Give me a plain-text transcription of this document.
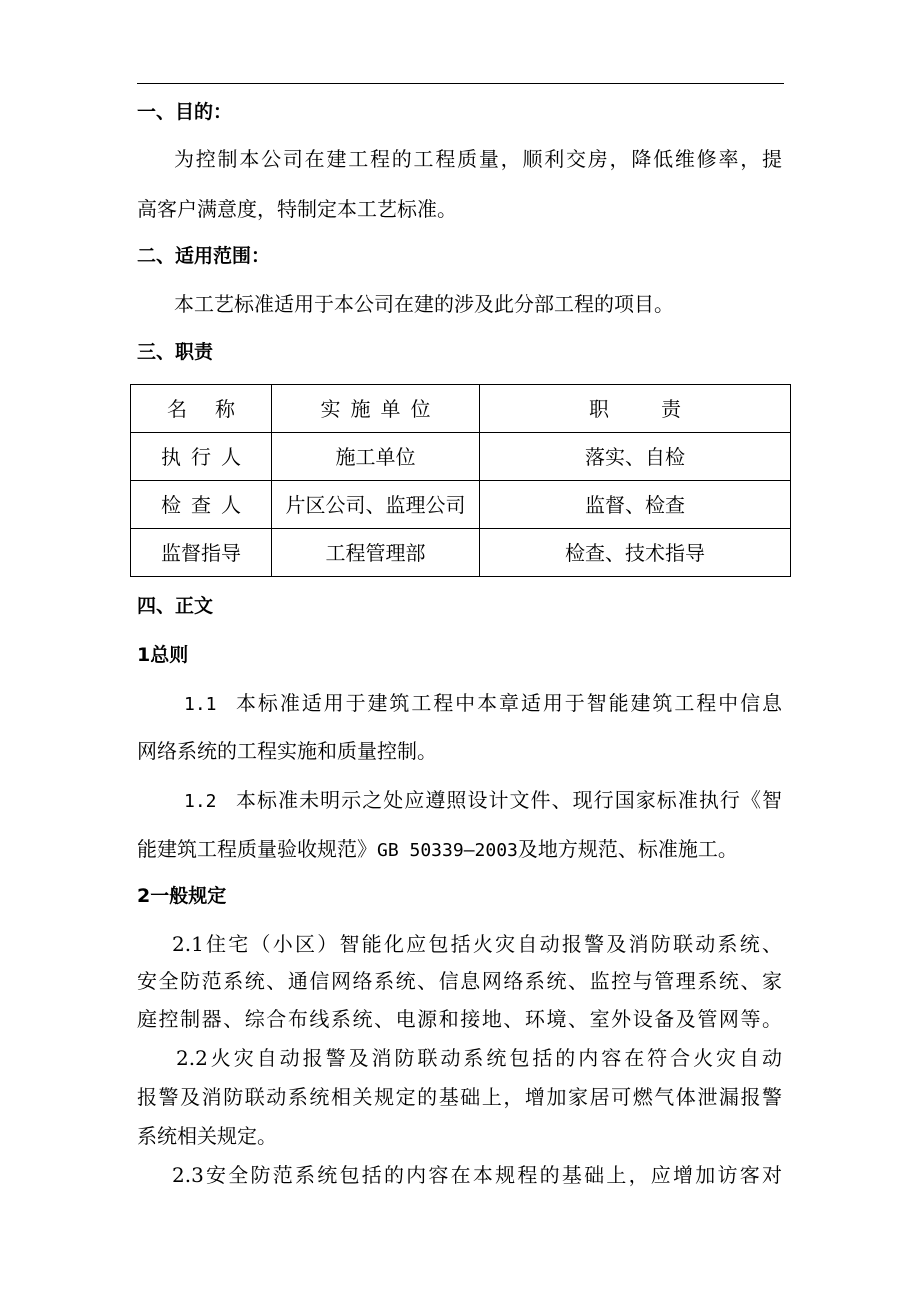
一、目的：
为控制本公司在建工程的工程质量，顺利交房，降低维修率，提
高客户满意度，特制定本工艺标准。
二、适用范围：
本工艺标准适用于本公司在建的涉及此分部工程的项目。
三、职责
名称	实施单位	职责
执行人	施工单位	落实、自检
检查人	片区公司、监理公司	监督、检查
监督指导	工程管理部	检查、技术指导
四、正文
1总则
1.1 本标准适用于建筑工程中本章适用于智能建筑工程中信息
网络系统的工程实施和质量控制。
1.2 本标准未明示之处应遵照设计文件、现行国家标准执行《智
能建筑工程质量验收规范》GB 50339—2003及地方规范、标准施工。
2一般规定
2.1住宅（小区）智能化应包括火灾自动报警及消防联动系统、
安全防范系统、通信网络系统、信息网络系统、监控与管理系统、家
庭控制器、综合布线系统、电源和接地、环境、室外设备及管网等。
2.2火灾自动报警及消防联动系统包括的内容在符合火灾自动
报警及消防联动系统相关规定的基础上，增加家居可燃气体泄漏报警
系统相关规定。
2.3安全防范系统包括的内容在本规程的基础上，应增加访客对
